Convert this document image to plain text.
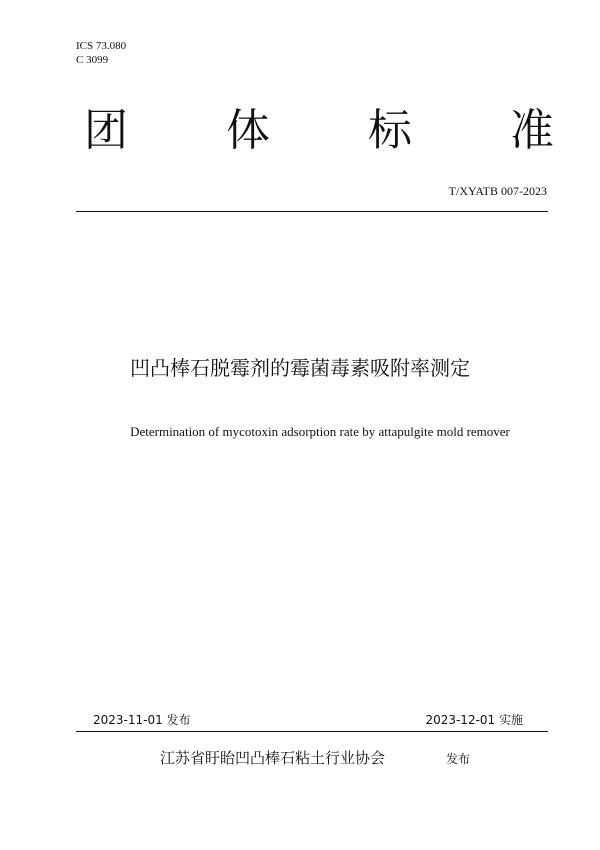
ICS 73.080
C 3099
团 体 标 准
T/XYATB 007-2023
凹凸棒石脱霉剂的霉菌毒素吸附率测定
Determination of mycotoxin adsorption rate by attapulgite mold remover
2023-11-01 发布	2023-12-01 实施
江苏省盱眙凹凸棒石粘土行业协会	发布
